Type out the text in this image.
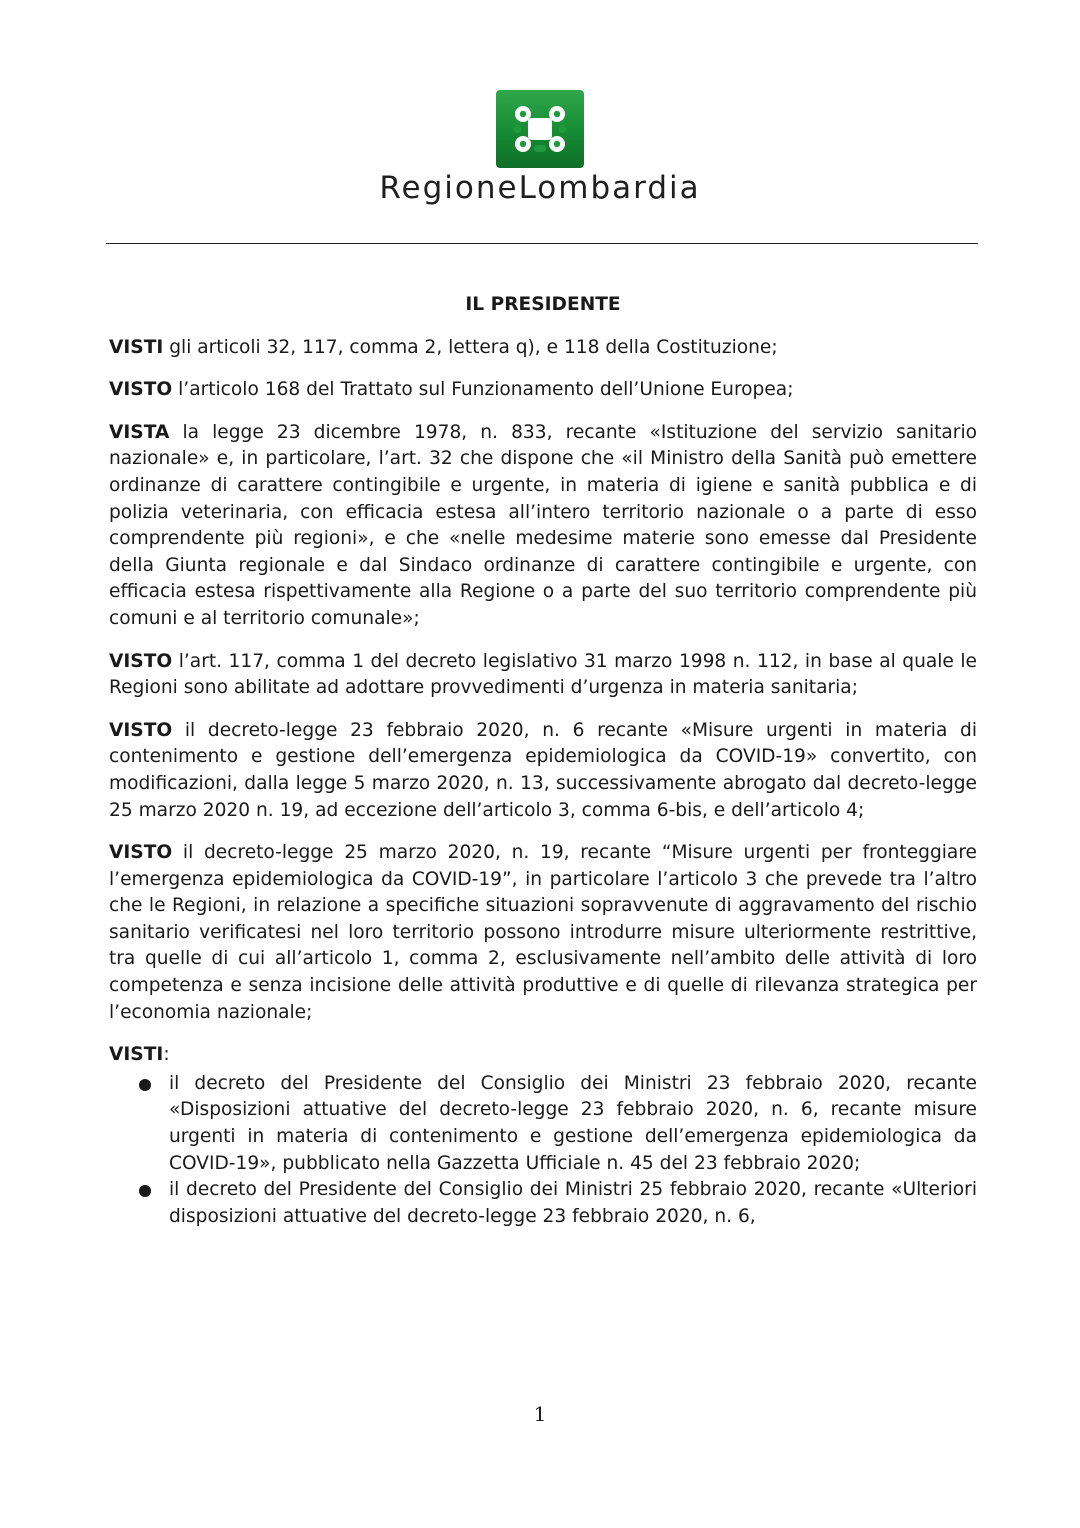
RegioneLombardia
IL PRESIDENTE

VISTI gli articoli 32, 117, comma 2, lettera q), e 118 della Costituzione;

VISTO l’articolo 168 del Trattato sul Funzionamento dell’Unione Europea;

VISTA la legge 23 dicembre 1978, n. 833, recante «Istituzione del servizio sanitario nazionale» e, in particolare, l’art. 32 che dispone che «il Ministro della Sanità può emettere ordinanze di carattere contingibile e urgente, in materia di igiene e sanità pubblica e di polizia veterinaria, con efficacia estesa all’intero territorio nazionale o a parte di esso comprendente più regioni», e che «nelle medesime materie sono emesse dal Presidente della Giunta regionale e dal Sindaco ordinanze di carattere contingibile e urgente, con efficacia estesa rispettivamente alla Regione o a parte del suo territorio comprendente più comuni e al territorio comunale»;

VISTO l’art. 117, comma 1 del decreto legislativo 31 marzo 1998 n. 112, in base al quale le Regioni sono abilitate ad adottare provvedimenti d’urgenza in materia sanitaria;

VISTO il decreto-legge 23 febbraio 2020, n. 6 recante «Misure urgenti in materia di contenimento e gestione dell’emergenza epidemiologica da COVID-19» convertito, con modificazioni, dalla legge 5 marzo 2020, n. 13, successivamente abrogato dal decreto-legge 25 marzo 2020 n. 19, ad eccezione dell’articolo 3, comma 6-bis, e dell’articolo 4;

VISTO il decreto-legge 25 marzo 2020, n. 19, recante “Misure urgenti per fronteggiare l’emergenza epidemiologica da COVID-19”, in particolare l’articolo 3 che prevede tra l’altro che le Regioni, in relazione a specifiche situazioni sopravvenute di aggravamento del rischio sanitario verificatesi nel loro territorio possono introdurre misure ulteriormente restrittive, tra quelle di cui all’articolo 1, comma 2, esclusivamente nell’ambito delle attività di loro competenza e senza incisione delle attività produttive e di quelle di rilevanza strategica per l’economia nazionale;

VISTI:
il decreto del Presidente del Consiglio dei Ministri 23 febbraio 2020, recante «Disposizioni attuative del decreto-legge 23 febbraio 2020, n. 6, recante misure urgenti in materia di contenimento e gestione dell’emergenza epidemiologica da COVID-19», pubblicato nella Gazzetta Ufficiale n. 45 del 23 febbraio 2020;
il decreto del Presidente del Consiglio dei Ministri 25 febbraio 2020, recante «Ulteriori disposizioni attuative del decreto-legge 23 febbraio 2020, n. 6,
1
